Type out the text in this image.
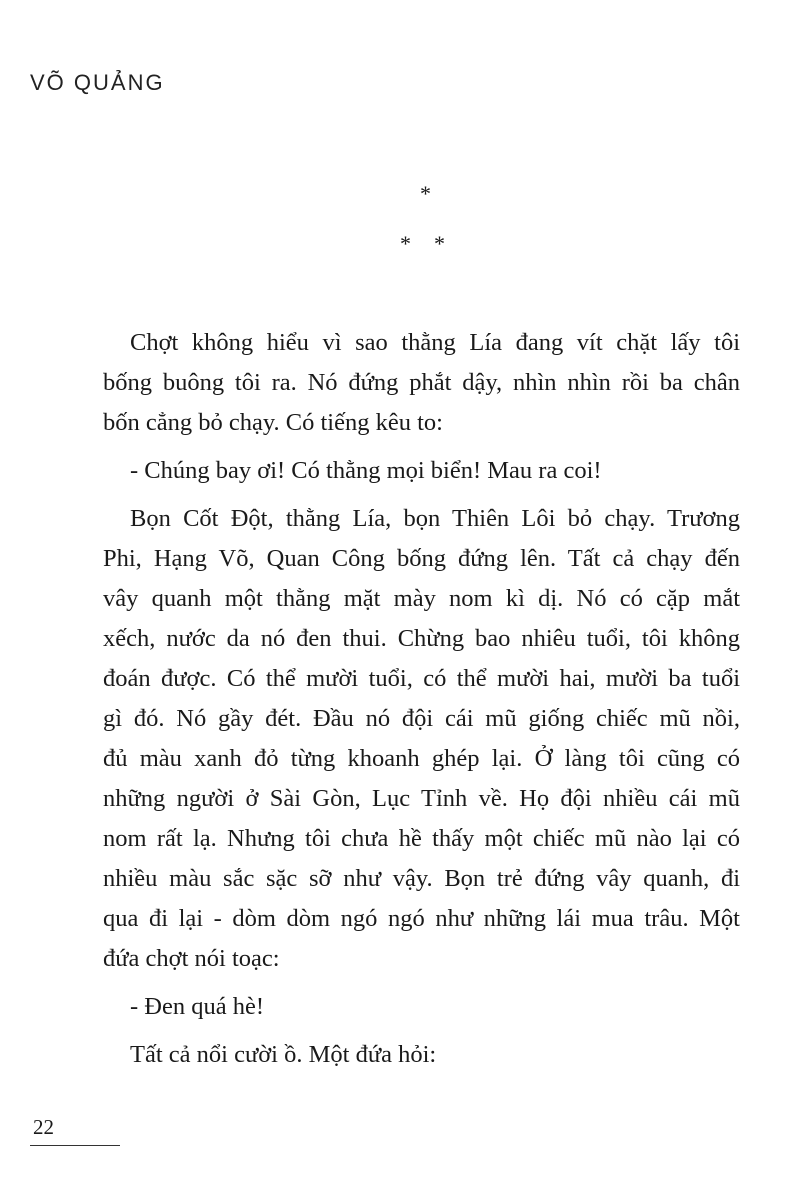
VÕ QUẢNG
*
* *
Chợt không hiểu vì sao thằng Lía đang vít chặt lấy tôi
bống buông tôi ra. Nó đứng phắt dậy, nhìn nhìn rồi ba chân
bốn cẳng bỏ chạy. Có tiếng kêu to:
- Chúng bay ơi! Có thằng mọi biển! Mau ra coi!
Bọn Cốt Đột, thằng Lía, bọn Thiên Lôi bỏ chạy. Trương
Phi, Hạng Võ, Quan Công bống đứng lên. Tất cả chạy đến
vây quanh một thằng mặt mày nom kì dị. Nó có cặp mắt
xếch, nước da nó đen thui. Chừng bao nhiêu tuổi, tôi không
đoán được. Có thể mười tuổi, có thể mười hai, mười ba tuổi
gì đó. Nó gầy đét. Đầu nó đội cái mũ giống chiếc mũ nồi,
đủ màu xanh đỏ từng khoanh ghép lại. Ở làng tôi cũng có
những người ở Sài Gòn, Lục Tỉnh về. Họ đội nhiều cái mũ
nom rất lạ. Nhưng tôi chưa hề thấy một chiếc mũ nào lại có
nhiều màu sắc sặc sỡ như vậy. Bọn trẻ đứng vây quanh, đi
qua đi lại - dòm dòm ngó ngó như những lái mua trâu. Một
đứa chợt nói toạc:
- Đen quá hè!
Tất cả nổi cười ồ. Một đứa hỏi:
22
